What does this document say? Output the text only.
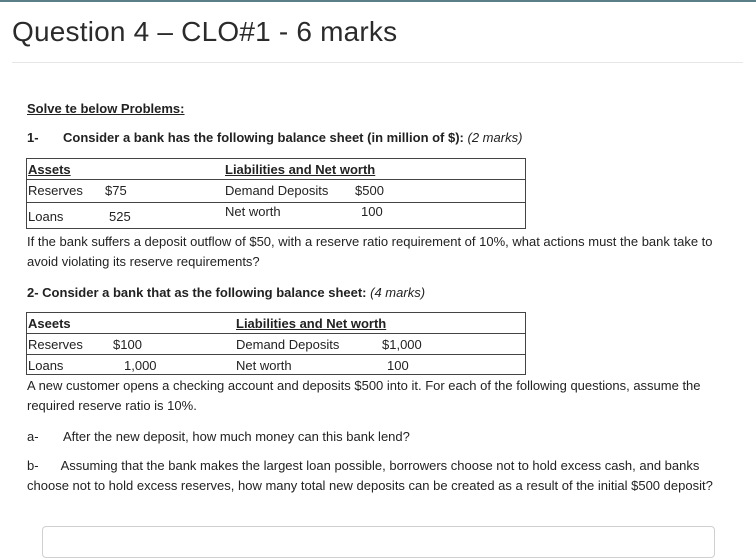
Question 4 – CLO#1 - 6 marks
Solve te below Problems:
1- Consider a bank has the following balance sheet (in million of $): (2 marks)
Assets	Liabilities and Net worth
Reserves $75	Demand Deposits $500
Loans	525	Net worth	100
If the bank suffers a deposit outflow of $50, with a reserve ratio requirement of 10%, what actions must the bank take to avoid violating its reserve requirements?
2- Consider a bank that as the following balance sheet: (4 marks)
Aseets	Liabilities and Net worth
Reserves $100	Demand Deposits	$1,000
Loans	1,000	Net worth	100
A new customer opens a checking account and deposits $500 into it. For each of the following questions, assume the required reserve ratio is 10%.
a- After the new deposit, how much money can this bank lend?
b- Assuming that the bank makes the largest loan possible, borrowers choose not to hold excess cash, and banks choose not to hold excess reserves, how many total new deposits can be created as a result of the initial $500 deposit?
